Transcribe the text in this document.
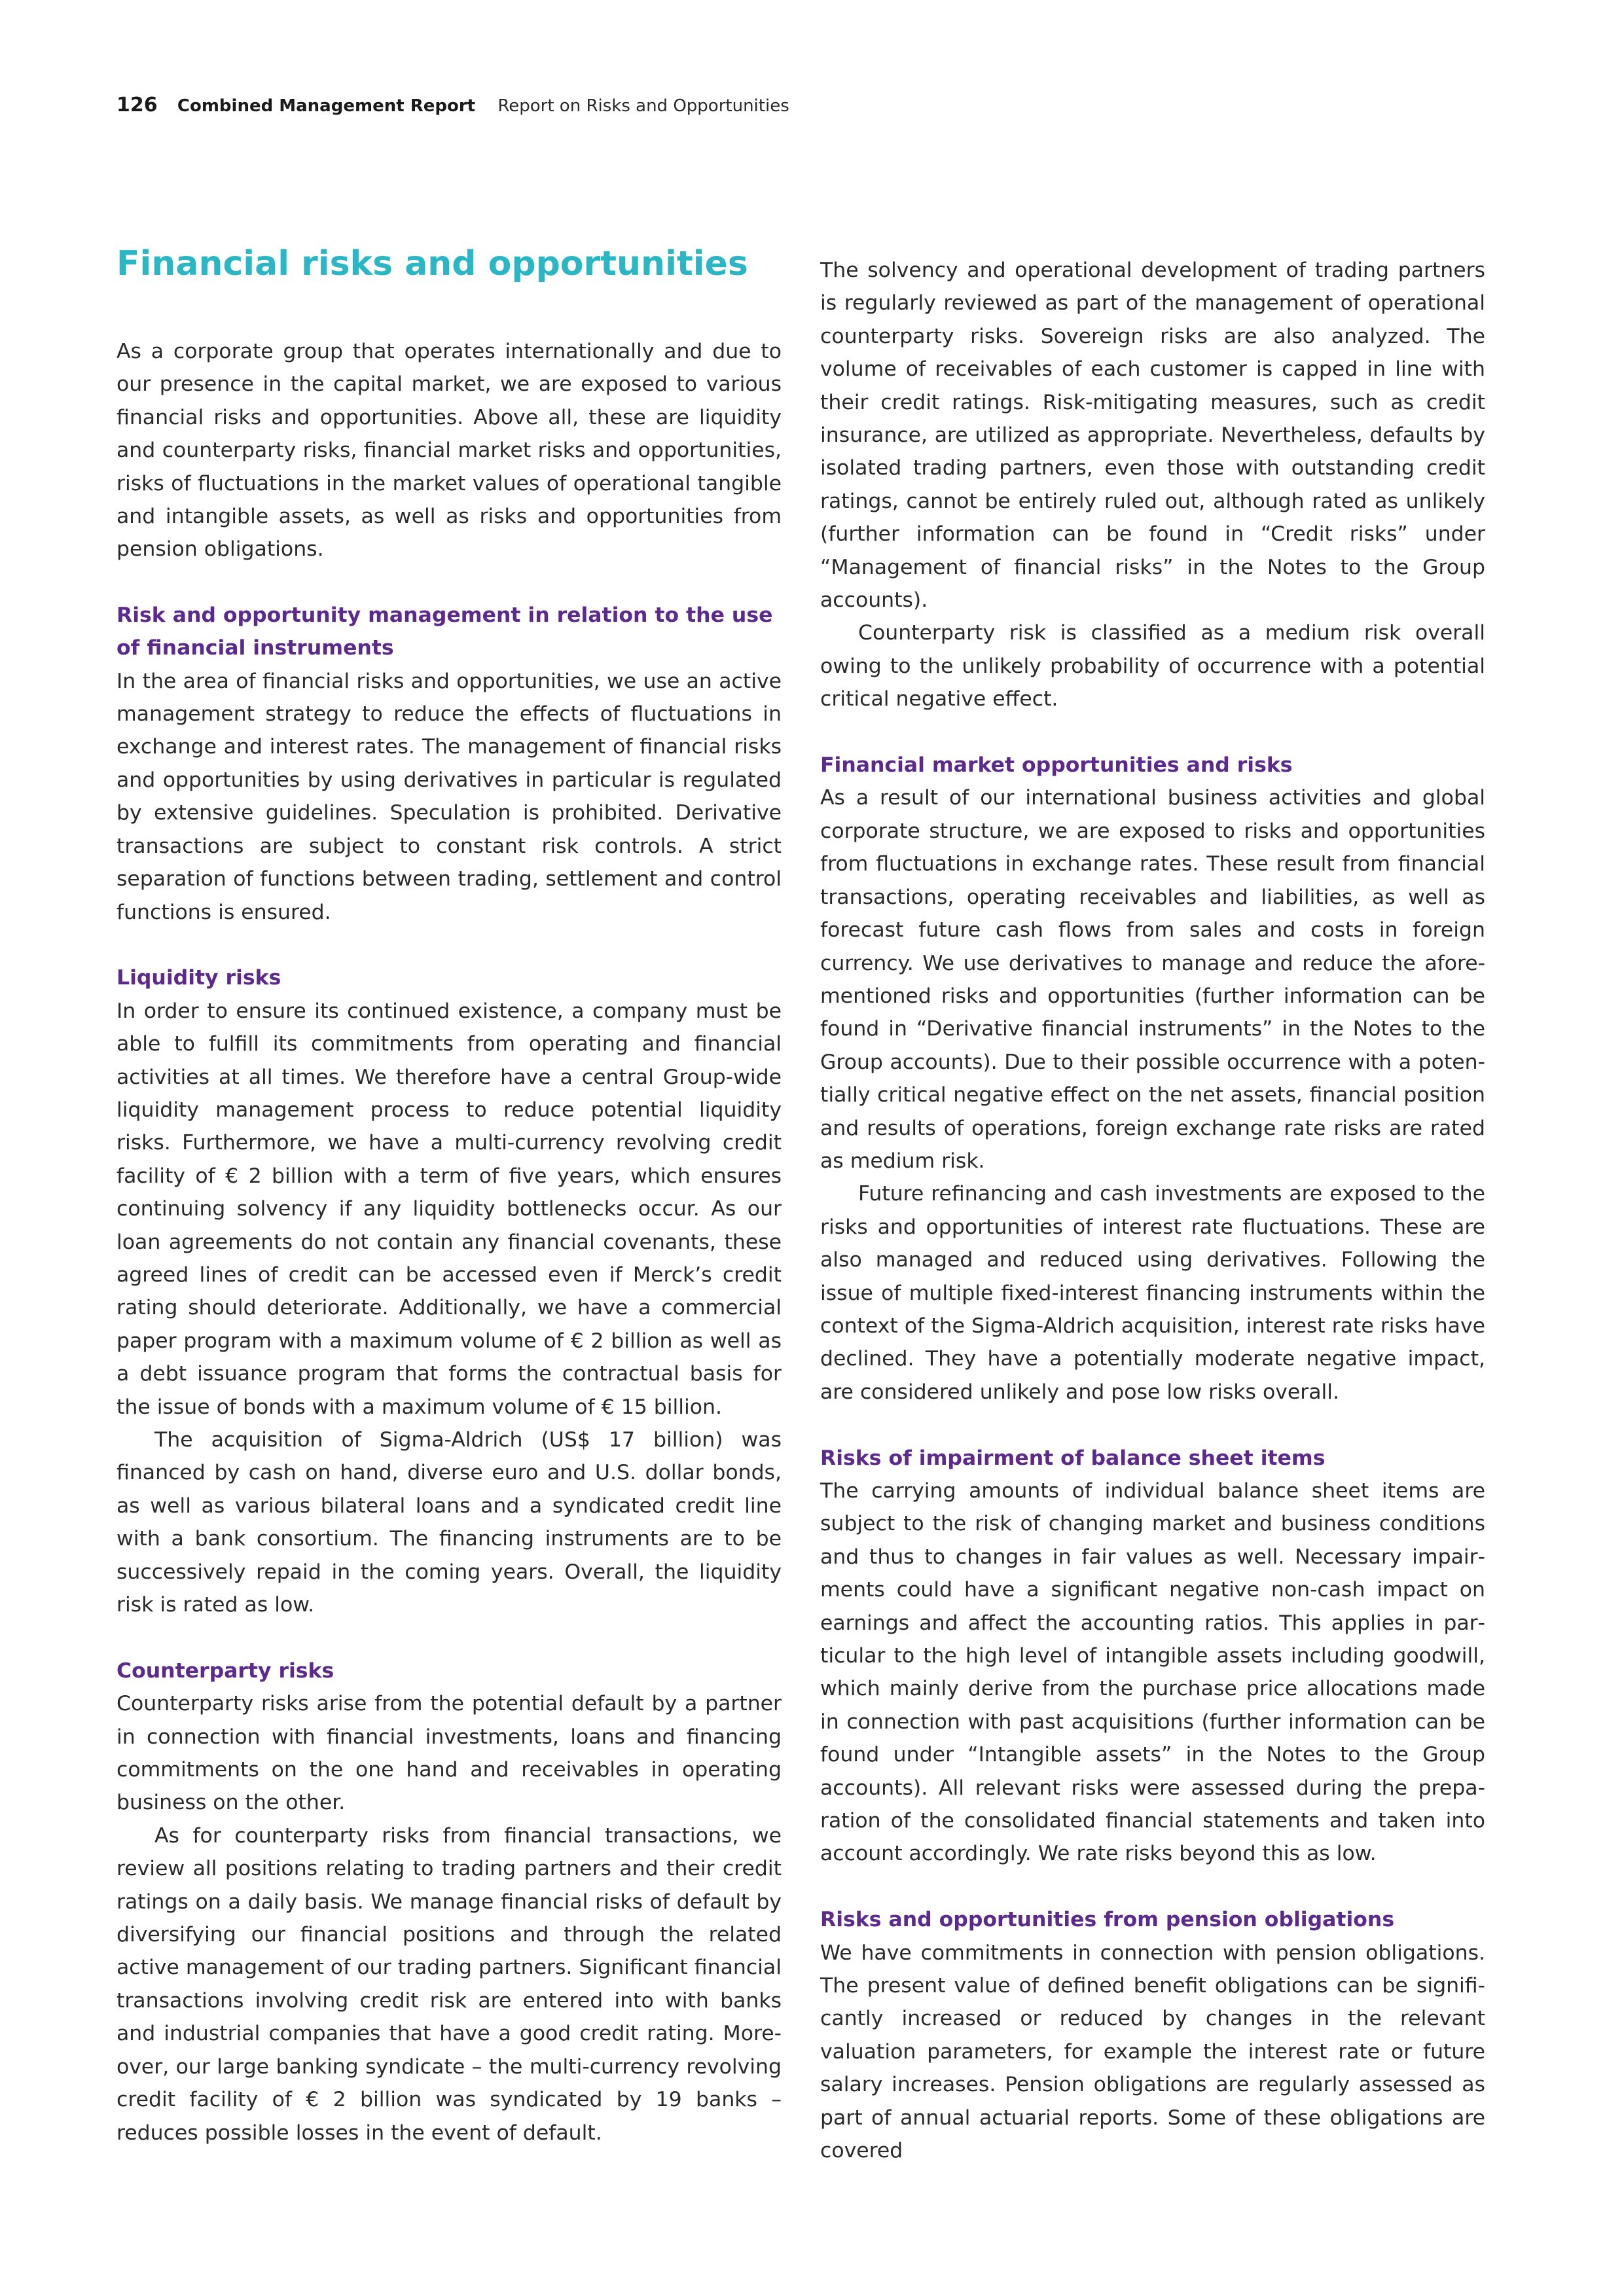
126 Combined Management Report Report on Risks and Opportunities
Financial risks and opportunities

As a corporate group that operates internationally and due to our presence in the capital market, we are exposed to various financial risks and opportunities. Above all, these are liquidity and counterparty risks, financial market risks and opportunities, risks of fluctuations in the market values of operational tangible and intangible assets, as well as risks and opportunities from pension obligations.

Risk and opportunity management in relation to the use of financial instruments

In the area of financial risks and opportunities, we use an active management strategy to reduce the effects of fluctuations in exchange and interest rates. The management of financial risks and opportunities by using derivatives in particular is regulated by extensive guidelines. Speculation is prohibited. Derivative transactions are subject to constant risk controls. A strict separation of functions between trading, settlement and control functions is ensured.

Liquidity risks

In order to ensure its continued existence, a company must be able to fulfill its commitments from operating and financial activities at all times. We therefore have a central Group-wide liquidity management process to reduce potential liquidity risks. Furthermore, we have a multi-currency revolving credit facility of € 2 billion with a term of five years, which ensures continuing solvency if any liquidity bottlenecks occur. As our loan agreements do not contain any financial covenants, these agreed lines of credit can be accessed even if Merck’s credit rating should deteriorate. Additionally, we have a commercial paper program with a maximum volume of € 2 billion as well as a debt issuance program that forms the contractual basis for the issue of bonds with a maximum volume of € 15 billion.

The acquisition of Sigma-Aldrich (US$ 17 billion) was financed by cash on hand, diverse euro and U.S. dollar bonds, as well as various bilateral loans and a syndicated credit line with a bank consortium. The financing instruments are to be successively repaid in the coming years. Overall, the liquidity risk is rated as low.

Counterparty risks

Counterparty risks arise from the potential default by a partner in connection with financial investments, loans and financing commitments on the one hand and receivables in operating business on the other.

As for counterparty risks from financial transactions, we review all positions relating to trading partners and their credit ratings on a daily basis. We manage financial risks of default by diversifying our financial positions and through the related active management of our trading partners. Significant financial transactions involving credit risk are entered into with banks and industrial companies that have a good credit rating. Moreover, our large banking syndicate – the multi-currency revolving credit facility of € 2 billion was syndicated by 19 banks – reduces possible losses in the event of default.

The solvency and operational development of trading partners is regularly reviewed as part of the management of operational counterparty risks. Sovereign risks are also analyzed. The volume of receivables of each customer is capped in line with their credit ratings. Risk-mitigating measures, such as credit insurance, are utilized as appropriate. Nevertheless, defaults by isolated trading partners, even those with outstanding credit ratings, cannot be entirely ruled out, although rated as unlikely (further information can be found in “Credit risks” under “Management of financial risks” in the Notes to the Group accounts).

Counterparty risk is classified as a medium risk overall owing to the unlikely probability of occurrence with a potential critical negative effect.

Financial market opportunities and risks

As a result of our international business activities and global corporate structure, we are exposed to risks and opportunities from fluctuations in exchange rates. These result from financial transactions, operating receivables and liabilities, as well as forecast future cash flows from sales and costs in foreign currency. We use derivatives to manage and reduce the aforementioned risks and opportunities (further information can be found in “Derivative financial instruments” in the Notes to the Group accounts). Due to their possible occurrence with a potentially critical negative effect on the net assets, financial position and results of operations, foreign exchange rate risks are rated as medium risk.

Future refinancing and cash investments are exposed to the risks and opportunities of interest rate fluctuations. These are also managed and reduced using derivatives. Following the issue of multiple fixed-interest financing instruments within the context of the Sigma-Aldrich acquisition, interest rate risks have declined. They have a potentially moderate negative impact, are considered unlikely and pose low risks overall.

Risks of impairment of balance sheet items

The carrying amounts of individual balance sheet items are subject to the risk of changing market and business conditions and thus to changes in fair values as well. Necessary impairments could have a significant negative non-cash impact on earnings and affect the accounting ratios. This applies in particular to the high level of intangible assets including goodwill, which mainly derive from the purchase price allocations made in connection with past acquisitions (further information can be found under “Intangible assets” in the Notes to the Group accounts). All relevant risks were assessed during the preparation of the consolidated financial statements and taken into account accordingly. We rate risks beyond this as low.

Risks and opportunities from pension obligations

We have commitments in connection with pension obligations. The present value of defined benefit obligations can be significantly increased or reduced by changes in the relevant valuation parameters, for example the interest rate or future salary increases. Pension obligations are regularly assessed as part of annual actuarial reports. Some of these obligations are covered
